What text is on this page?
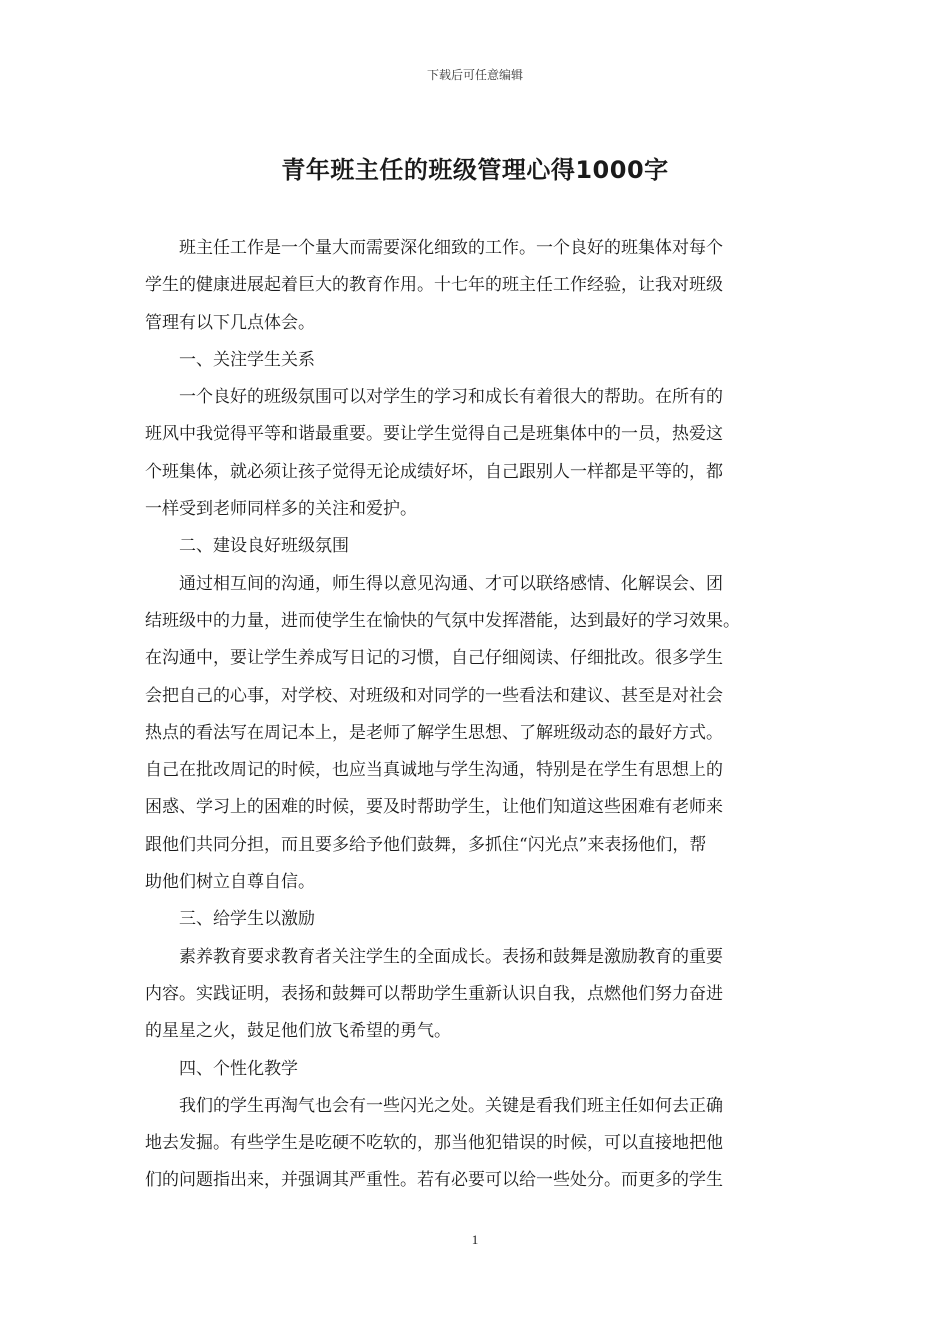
下载后可任意编辑
青年班主任的班级管理心得1000字

班主任工作是一个量大而需要深化细致的工作。一个良好的班集体对每个
学生的健康进展起着巨大的教育作用。十七年的班主任工作经验，让我对班级
管理有以下几点体会。

一、关注学生关系

一个良好的班级氛围可以对学生的学习和成长有着很大的帮助。在所有的
班风中我觉得平等和谐最重要。要让学生觉得自己是班集体中的一员，热爱这
个班集体，就必须让孩子觉得无论成绩好坏，自己跟别人一样都是平等的，都
一样受到老师同样多的关注和爱护。

二、建设良好班级氛围

通过相互间的沟通，师生得以意见沟通、才可以联络感情、化解误会、团
结班级中的力量，进而使学生在愉快的气氛中发挥潜能，达到最好的学习效果。
在沟通中，要让学生养成写日记的习惯，自己仔细阅读、仔细批改。很多学生
会把自己的心事，对学校、对班级和对同学的一些看法和建议、甚至是对社会
热点的看法写在周记本上，是老师了解学生思想、了解班级动态的最好方式。
自己在批改周记的时候，也应当真诚地与学生沟通，特别是在学生有思想上的
困惑、学习上的困难的时候，要及时帮助学生，让他们知道这些困难有老师来
跟他们共同分担，而且要多给予他们鼓舞，多抓住“闪光点”来表扬他们，帮
助他们树立自尊自信。

三、给学生以激励

素养教育要求教育者关注学生的全面成长。表扬和鼓舞是激励教育的重要
内容。实践证明，表扬和鼓舞可以帮助学生重新认识自我，点燃他们努力奋进
的星星之火，鼓足他们放飞希望的勇气。

四、个性化教学

我们的学生再淘气也会有一些闪光之处。关键是看我们班主任如何去正确
地去发掘。有些学生是吃硬不吃软的，那当他犯错误的时候，可以直接地把他
们的问题指出来，并强调其严重性。若有必要可以给一些处分。而更多的学生

1
